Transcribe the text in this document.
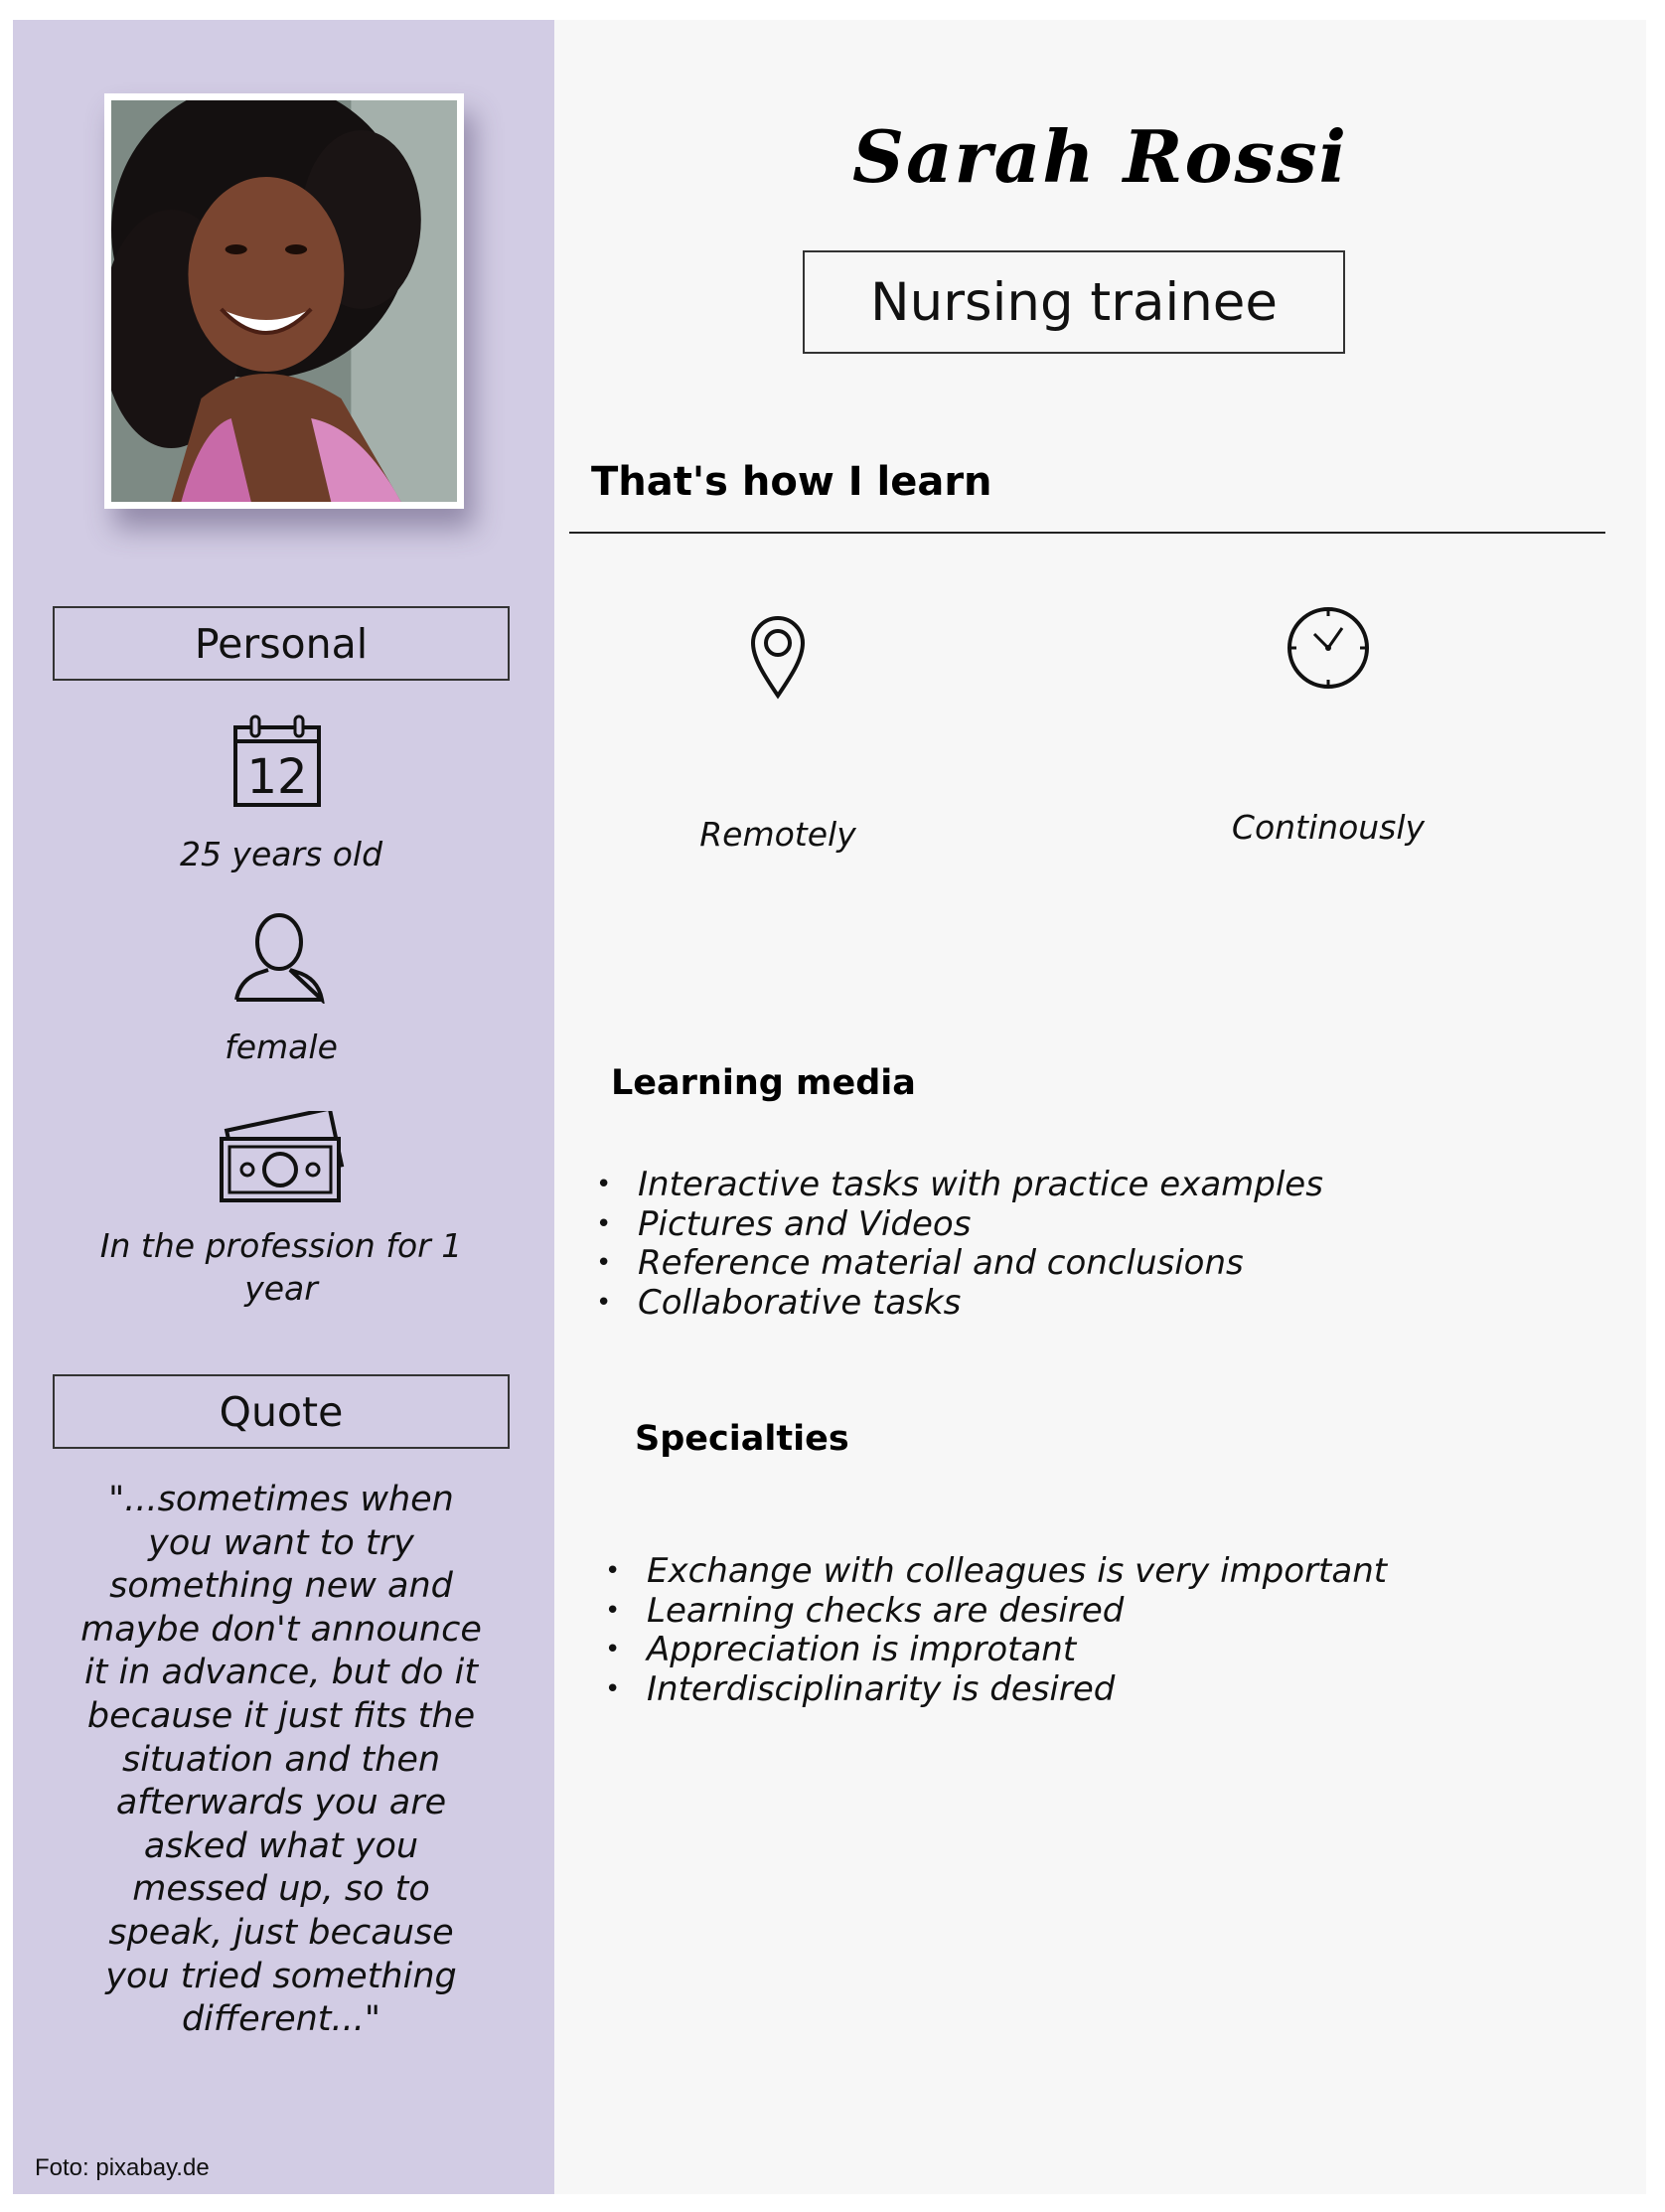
Personal
12
25 years old
female
In the profession for 1 year
Quote
"...sometimes when you want to try something new and maybe don't announce it in advance, but do it because it just fits the situation and then afterwards you are asked what you messed up, so to speak, just because you tried something different..."
Foto: pixabay.de
Sarah Rossi
Nursing trainee
That's how I learn
Remotely	Continously
Learning media
• Interactive tasks with practice examples
• Pictures and Videos
• Reference material and conclusions
• Collaborative tasks
Specialties
• Exchange with colleagues is very important
• Learning checks are desired
• Appreciation is improtant
• Interdisciplinarity is desired
